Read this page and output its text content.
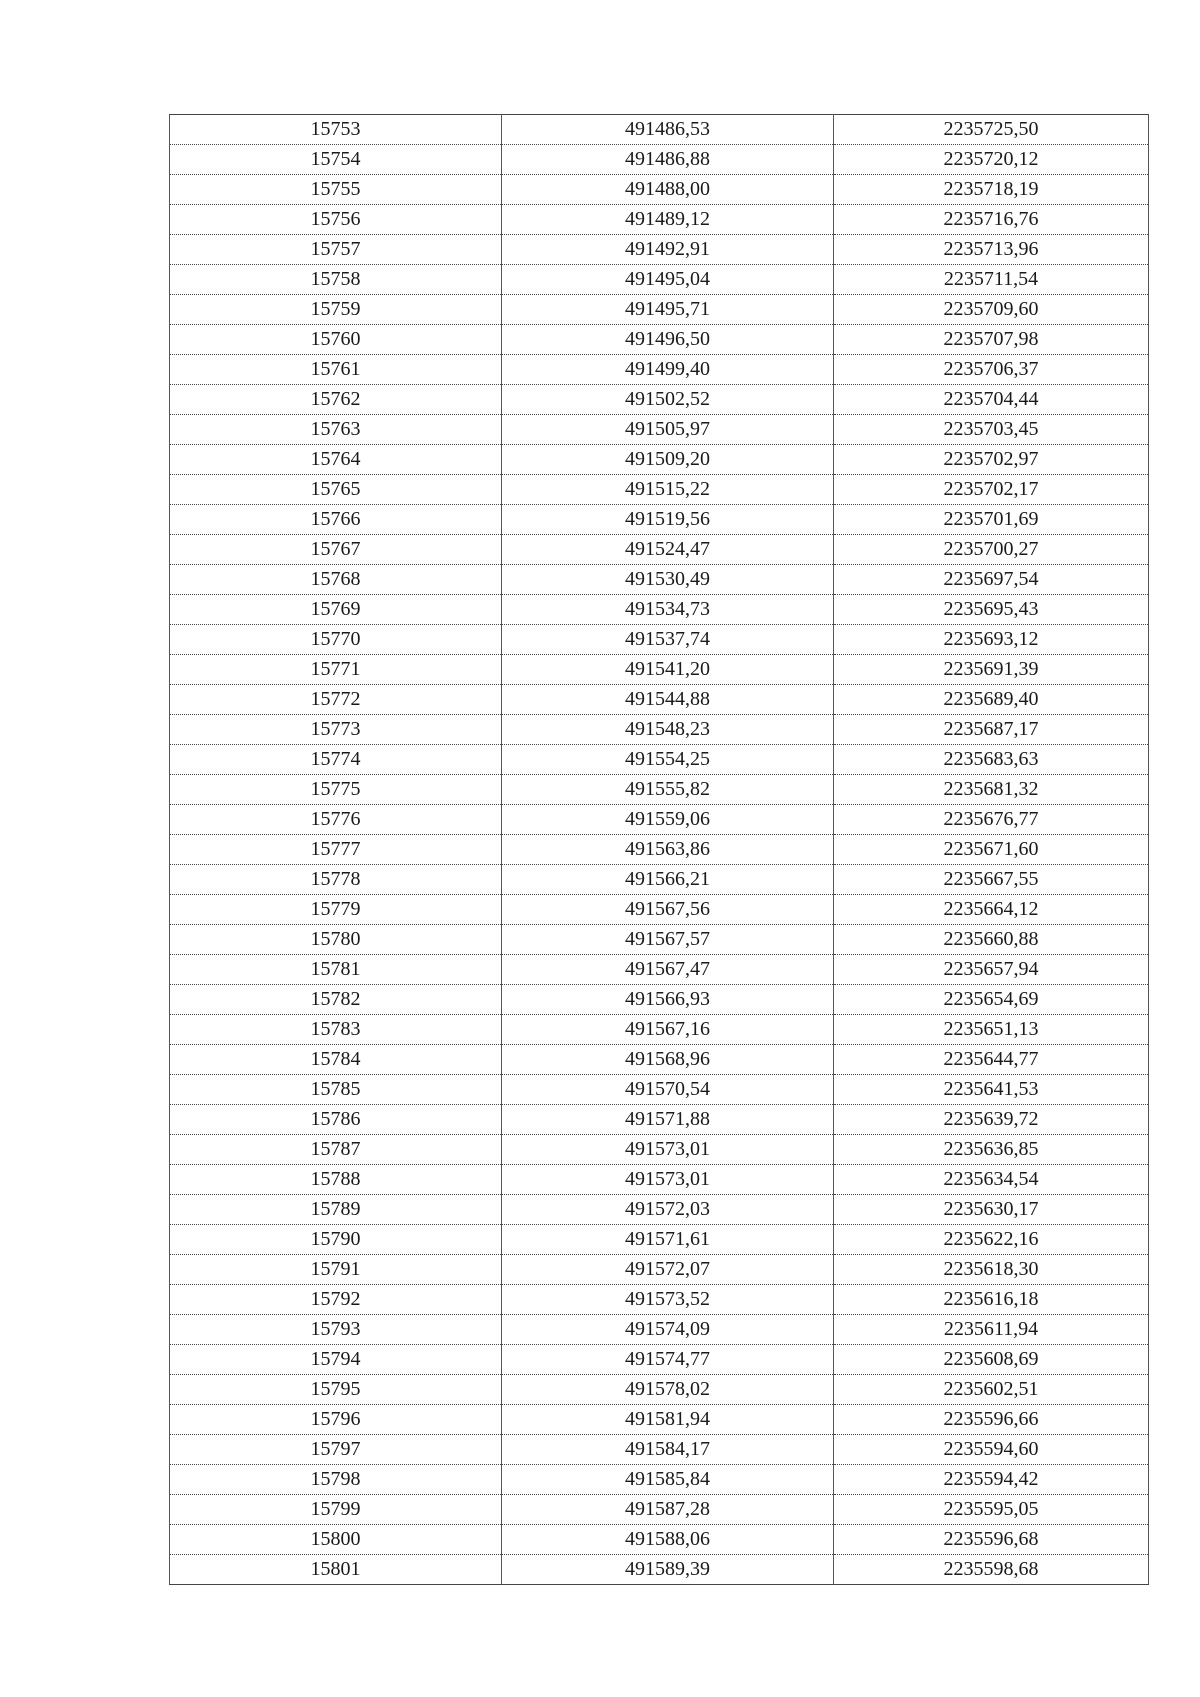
15753	491486,53	2235725,50
15754	491486,88	2235720,12
15755	491488,00	2235718,19
15756	491489,12	2235716,76
15757	491492,91	2235713,96
15758	491495,04	2235711,54
15759	491495,71	2235709,60
15760	491496,50	2235707,98
15761	491499,40	2235706,37
15762	491502,52	2235704,44
15763	491505,97	2235703,45
15764	491509,20	2235702,97
15765	491515,22	2235702,17
15766	491519,56	2235701,69
15767	491524,47	2235700,27
15768	491530,49	2235697,54
15769	491534,73	2235695,43
15770	491537,74	2235693,12
15771	491541,20	2235691,39
15772	491544,88	2235689,40
15773	491548,23	2235687,17
15774	491554,25	2235683,63
15775	491555,82	2235681,32
15776	491559,06	2235676,77
15777	491563,86	2235671,60
15778	491566,21	2235667,55
15779	491567,56	2235664,12
15780	491567,57	2235660,88
15781	491567,47	2235657,94
15782	491566,93	2235654,69
15783	491567,16	2235651,13
15784	491568,96	2235644,77
15785	491570,54	2235641,53
15786	491571,88	2235639,72
15787	491573,01	2235636,85
15788	491573,01	2235634,54
15789	491572,03	2235630,17
15790	491571,61	2235622,16
15791	491572,07	2235618,30
15792	491573,52	2235616,18
15793	491574,09	2235611,94
15794	491574,77	2235608,69
15795	491578,02	2235602,51
15796	491581,94	2235596,66
15797	491584,17	2235594,60
15798	491585,84	2235594,42
15799	491587,28	2235595,05
15800	491588,06	2235596,68
15801	491589,39	2235598,68
